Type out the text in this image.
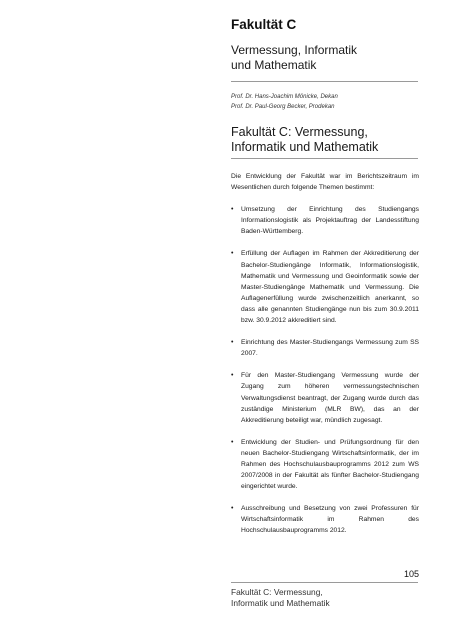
Fakultät C
Vermessung, Informatik
und Mathematik
Prof. Dr. Hans-Joachim Mönicke, Dekan
Prof. Dr. Paul-Georg Becker, Prodekan
Fakultät C: Vermessung,
Informatik und Mathematik

Die Entwicklung der Fakultät war im Berichtszeitraum im Wesentlichen durch folgende Themen bestimmt:

• Umsetzung der Einrichtung des Studiengangs Informationslogistik als Projektauftrag der Landesstiftung Baden-Württemberg.
• Erfüllung der Auflagen im Rahmen der Akkreditierung der Bachelor-Studiengänge Informatik, Informationslogistik, Mathematik und Vermessung und Geoinformatik sowie der Master-Studiengänge Mathematik und Vermessung. Die Auflagenerfüllung wurde zwischenzeitlich anerkannt, so dass alle genannten Studiengänge nun bis zum 30.9.2011 bzw. 30.9.2012 akkreditiert sind.
• Einrichtung des Master-Studiengangs Vermessung zum SS 2007.
• Für den Master-Studiengang Vermessung wurde der Zugang zum höheren vermessungstechnischen Verwaltungsdienst beantragt, der Zugang wurde durch das zuständige Ministerium (MLR BW), das an der Akkreditierung beteiligt war, mündlich zugesagt.
• Entwicklung der Studien- und Prüfungsordnung für den neuen Bachelor-Studiengang Wirtschaftsinformatik, der im Rahmen des Hochschulausbauprogramms 2012 zum WS 2007/2008 in der Fakultät als fünfter Bachelor-Studiengang eingerichtet wurde.
• Ausschreibung und Besetzung von zwei Professuren für Wirtschaftsinformatik im Rahmen des Hochschulausbauprogramms 2012.
105
Fakultät C: Vermessung,
Informatik und Mathematik
